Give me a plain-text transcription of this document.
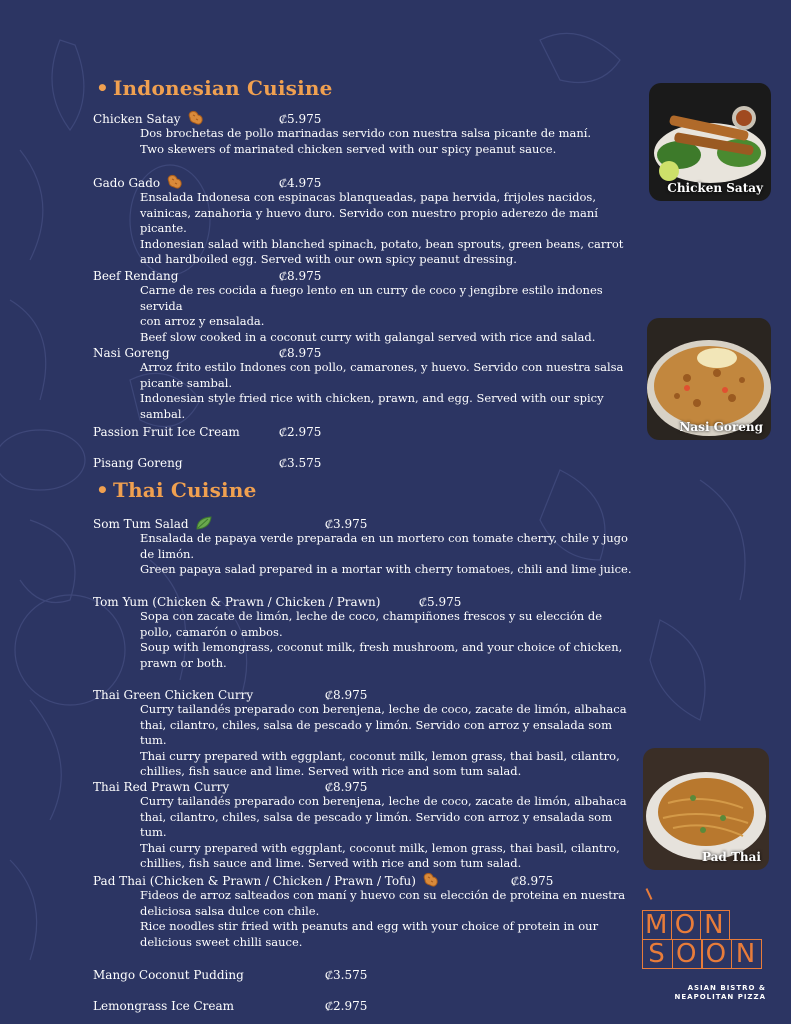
• Indonesian Cuisine
• Thai Cuisine
Chicken Satay	₡5.975

Dos brochetas de pollo marinadas servido con nuestra salsa picante de maní.

Two skewers of marinated chicken served with our spicy peanut sauce.

Gado Gado	₡4.975

Ensalada Indonesa con espinacas blanqueadas, papa hervida, frijoles nacidos,

vainicas, zanahoria y huevo duro. Servido con nuestro propio aderezo de maní picante.

Indonesian salad with blanched spinach, potato, bean sprouts, green beans, carrot

and hardboiled egg. Served with our own spicy peanut dressing.

Beef Rendang	₡8.975

Carne de res cocida a fuego lento en un curry de coco y jengibre estilo indones servida

con arroz y ensalada.

Beef slow cooked in a coconut curry with galangal served with rice and salad.

Nasi Goreng	₡8.975

Arroz frito estilo Indones con pollo, camarones, y huevo. Servido con nuestra salsa

picante sambal.

Indonesian style fried rice with chicken, prawn, and egg. Served with our spicy sambal.

Passion Fruit Ice Cream	₡2.975
Pisang Goreng	₡3.575
Som Tum Salad	₡3.975

Ensalada de papaya verde preparada en un mortero con tomate cherry, chile y jugo

de limón.

Green papaya salad prepared in a mortar with cherry tomatoes, chili and lime juice.

Tom Yum (Chicken & Prawn / Chicken / Prawn)	₡5.975

Sopa con zacate de limón, leche de coco, champiñones frescos y su elección de

pollo, camarón o ambos.

Soup with lemongrass, coconut milk, fresh mushroom, and your choice of chicken,

prawn or both.

Thai Green Chicken Curry	₡8.975

Curry tailandés preparado con berenjena, leche de coco, zacate de limón, albahaca

thai, cilantro, chiles, salsa de pescado y limón. Servido con arroz y ensalada som tum.

Thai curry prepared with eggplant, coconut milk, lemon grass, thai basil, cilantro,

chillies, fish sauce and lime. Served with rice and som tum salad.

Thai Red Prawn Curry	₡8.975

Curry tailandés preparado con berenjena, leche de coco, zacate de limón, albahaca

thai, cilantro, chiles, salsa de pescado y limón. Servido con arroz y ensalada som tum.

Thai curry prepared with eggplant, coconut milk, lemon grass, thai basil, cilantro,

chillies, fish sauce and lime. Served with rice and som tum salad.

Pad Thai (Chicken & Prawn / Chicken / Prawn / Tofu)	₡8.975

Fideos de arroz salteados con maní y huevo con su elección de proteina en nuestra

deliciosa salsa dulce con chile.

Rice noodles stir fried with peanuts and egg with your choice of protein in our

delicious sweet chilli sauce.

Mango Coconut Pudding	₡3.575
Lemongrass Ice Cream	₡2.975
Chicken Satay
Nasi Goreng
Pad Thai
M O N
S O O N
ASIAN BISTRO &
NEAPOLITAN PIZZA
